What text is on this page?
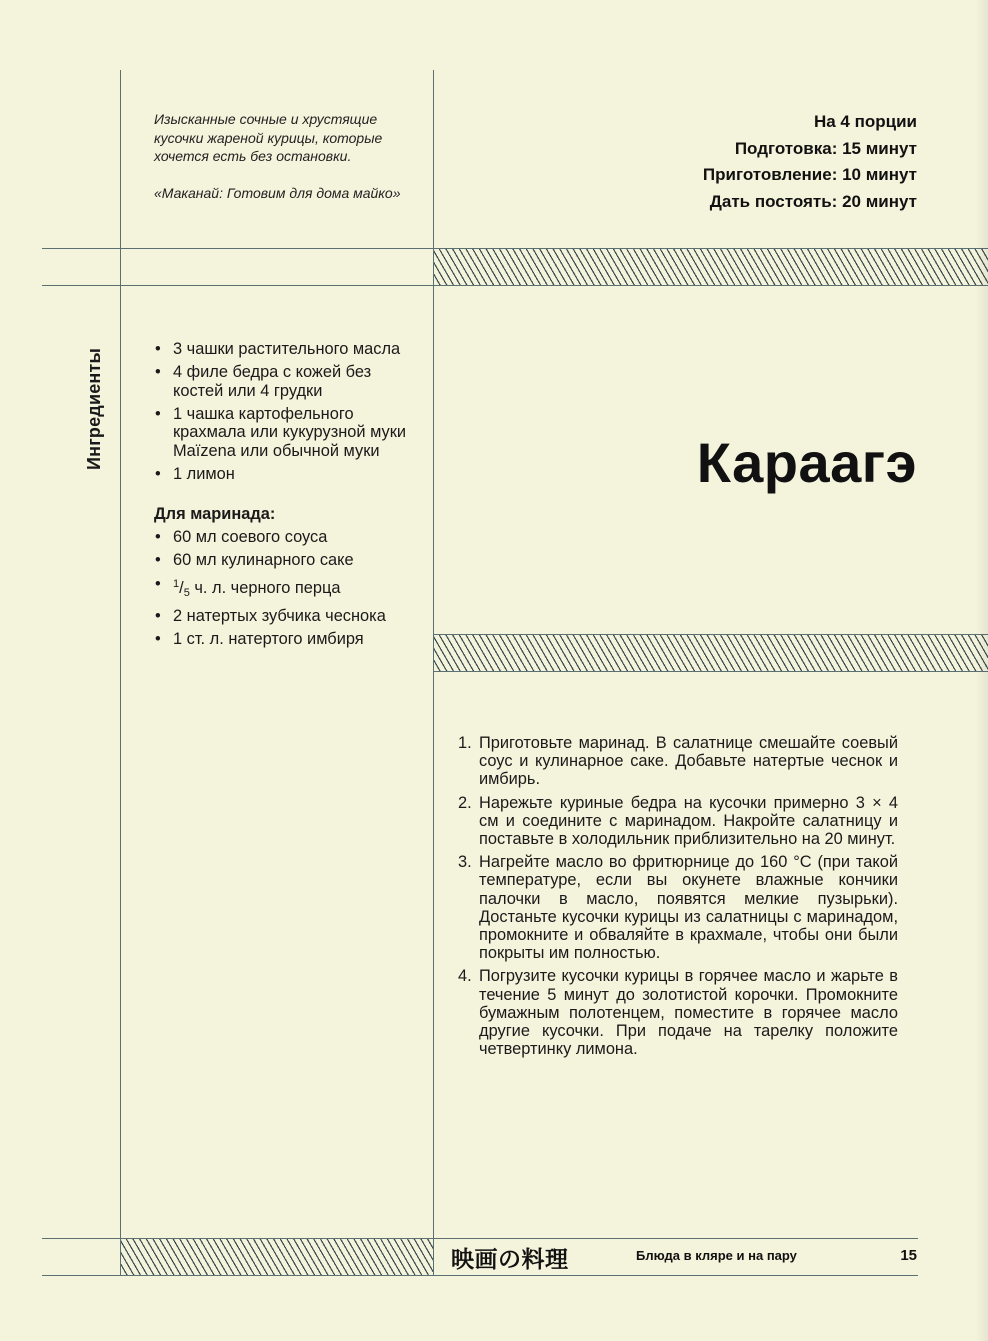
Изысканные сочные и хрустящие кусочки жареной курицы, которые хочется есть без остановки.

«Маканай: Готовим для дома майко»

На 4 порции
Подготовка: 15 минут
Приготовление: 10 минут
Дать постоять: 20 минут
Ингредиенты
•	3 чашки растительного масла
• 4 филе бедра с кожей без костей или 4 грудки
• 1 чашка картофельного крахмала или кукурузной муки Maïzena или обычной муки
• 1 лимон
Для маринада:
• 60 мл соевого соуса
• 60 мл кулинарного саке
• $^1$/5 ч. л. черного перца
• 2 натертых зубчика чеснока
• 1 ст. л. натертого имбиря
Караагэ
1. Приготовьте маринад. В салатнице смешайте соевый соус и кулинарное саке. Добавьте натертые чеснок и имбирь.
2. Нарежьте куриные бедра на кусочки примерно 3 × 4 см и соедините с маринадом. Накройте салатницу и поставьте в холодильник приблизительно на 20 минут.
3. Нагрейте масло во фритюрнице до 160 °C (при такой температуре, если вы окунете влажные кончики палочки в масло, появятся мелкие пузырьки). Достаньте кусочки курицы из салатницы с маринадом, промокните и обваляйте в крахмале, чтобы они были покрыты им полностью.
4. Погрузите кусочки курицы в горячее масло и жарьте в течение 5 минут до золотистой корочки. Промокните бумажным полотенцем, поместите в горячее масло другие кусочки. При подаче на тарелку положите четвертинку лимона.
映画の料理	Блюда в кляре и на пару	15
